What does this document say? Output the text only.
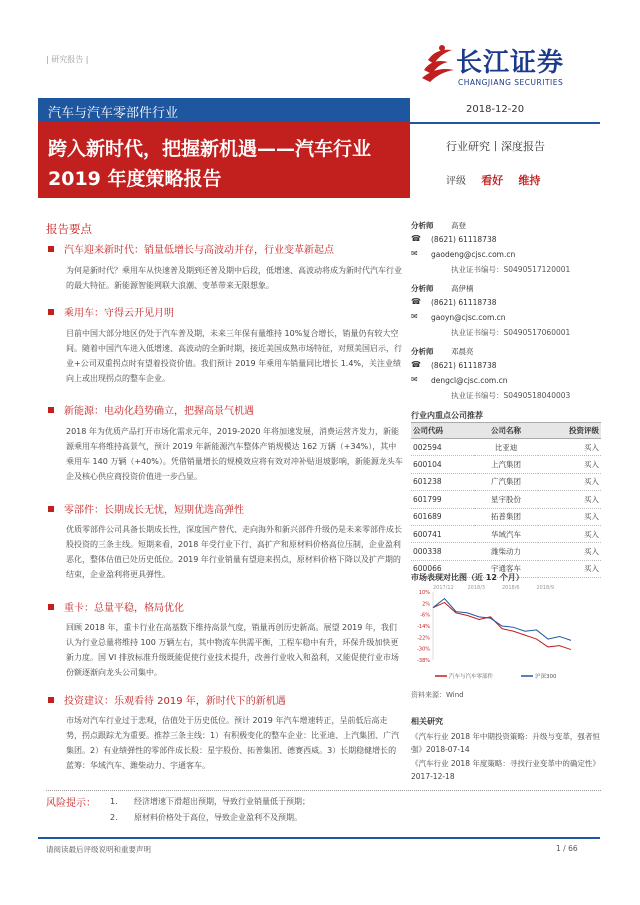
| 研究报告 |	长江证券
CHANGJIANG SECURITIES
汽车与汽车零部件行业	2018-12-20
跨入新时代，把握新机遇——汽车行业 2019 年度策略报告
行业研究丨深度报告
评级 看好 维持
报告要点
汽车迎来新时代：销量低增长与高波动并存，行业变革新起点
为何是新时代？乘用车从快速普及期到还普及期中后段，低增速、高波动将成为新时代汽车行业的最大特征。新能源智能网联大浪潮、变革带来无限想象。
乘用车：守得云开见月明
目前中国大部分地区仍处于汽车普及期，未来三年保有量维持 10%复合增长，销量仍有较大空间。随着中国汽车进入低增速、高波动的全新时期，接近美国成熟市场特征，对照美国启示，行业+公司双重拐点时有望着投资价值。我们预计 2019 年乘用车销量同比增长 1.4%，关注业绩向上或出现拐点的整车企业。
新能源：电动化趋势确立，把握高景气机遇
2018 年为优质产品打开市场化需求元年，2019-2020 年将加速发展，消费运营齐发力，新能源乘用车将维持高景气，预计 2019 年新能源汽车整体产销规模达 162 万辆（+34%），其中乘用车 140 万辆（+40%）。凭借销量增长的规模效应将有效对冲补贴退坡影响，新能源龙头车企及核心供应商投资价值进一步凸显。
零部件：长期成长无忧，短期优选高弹性
优质零部件公司具备长期成长性，深度国产替代、走向海外和新兴部件升级仍是未来零部件成长股投资的三条主线。短期来看，2018 年受行业下行、高扩产和原材料价格高位压制，企业盈利恶化，整体估值已处历史低位。2019 年行业销量有望迎来拐点，原材料价格下降以及扩产期的结束，企业盈利将更具弹性。
重卡：总量平稳，格局优化
回顾 2018 年，重卡行业在高基数下维持高景气度，销量再创历史新高。展望 2019 年，我们认为行业总量将维持 100 万辆左右，其中物流车供需平衡，工程车稳中有升，环保升级加快更新力度。国 VI 排放标准升级既能促使行业技术提升，改善行业收入和盈利，又能促使行业市场份额逐渐向龙头公司集中。
投资建议：乐观看待 2019 年，新时代下的新机遇
市场对汽车行业过于悲观，估值处于历史低位。预计 2019 年汽车增速转正，呈前低后高走势，拐点跟踪尤为重要。推荐三条主线：1）有积极变化的整车企业：比亚迪、上汽集团、广汽集团。2）有业绩弹性的零部件成长股：星宇股份、拓普集团、德赛西威。3）长期稳健增长的蓝筹：华域汽车、潍柴动力、宇通客车。
分析师 高登
☎ (8621) 61118738
✉ gaodeng@cjsc.com.cn
执业证书编号：S0490517120001
分析师 高伊楠
☎ (8621) 61118738
✉ gaoyn@cjsc.com.cn
执业证书编号：S0490517060001
分析师 邓晨亮
☎ (8621) 61118738
✉ dengcl@cjsc.com.cn
执业证书编号：S0490518040003
行业内重点公司推荐
公司代码	公司名称	投资评级
002594	比亚迪	买入
600104	上汽集团	买入
601238	广汽集团	买入
601799	星宇股份	买入
601689	拓普集团	买入
600741	华域汽车	买入
000338	潍柴动力	买入
600066	宇通客车	买入
市场表现对比图（近 12 个月）
10%
2%
-6%
-14%
-22%
-30%
-38%
2017/12	2018/3	2018/6	2018/9
汽车与汽车零部件	沪深300
资料来源：Wind
相关研究
《汽车行业 2018 年中期投资策略：升级与变革，强者恒强》2018-07-14
《汽车行业 2018 年度策略：寻找行业变革中的确定性》2017-12-18
风险提示： 1. 经济增速下滑超出预期，导致行业销量低于预期；
2. 原材料价格处于高位，导致企业盈利不及预期。
请阅读最后评级说明和重要声明	1 / 66
